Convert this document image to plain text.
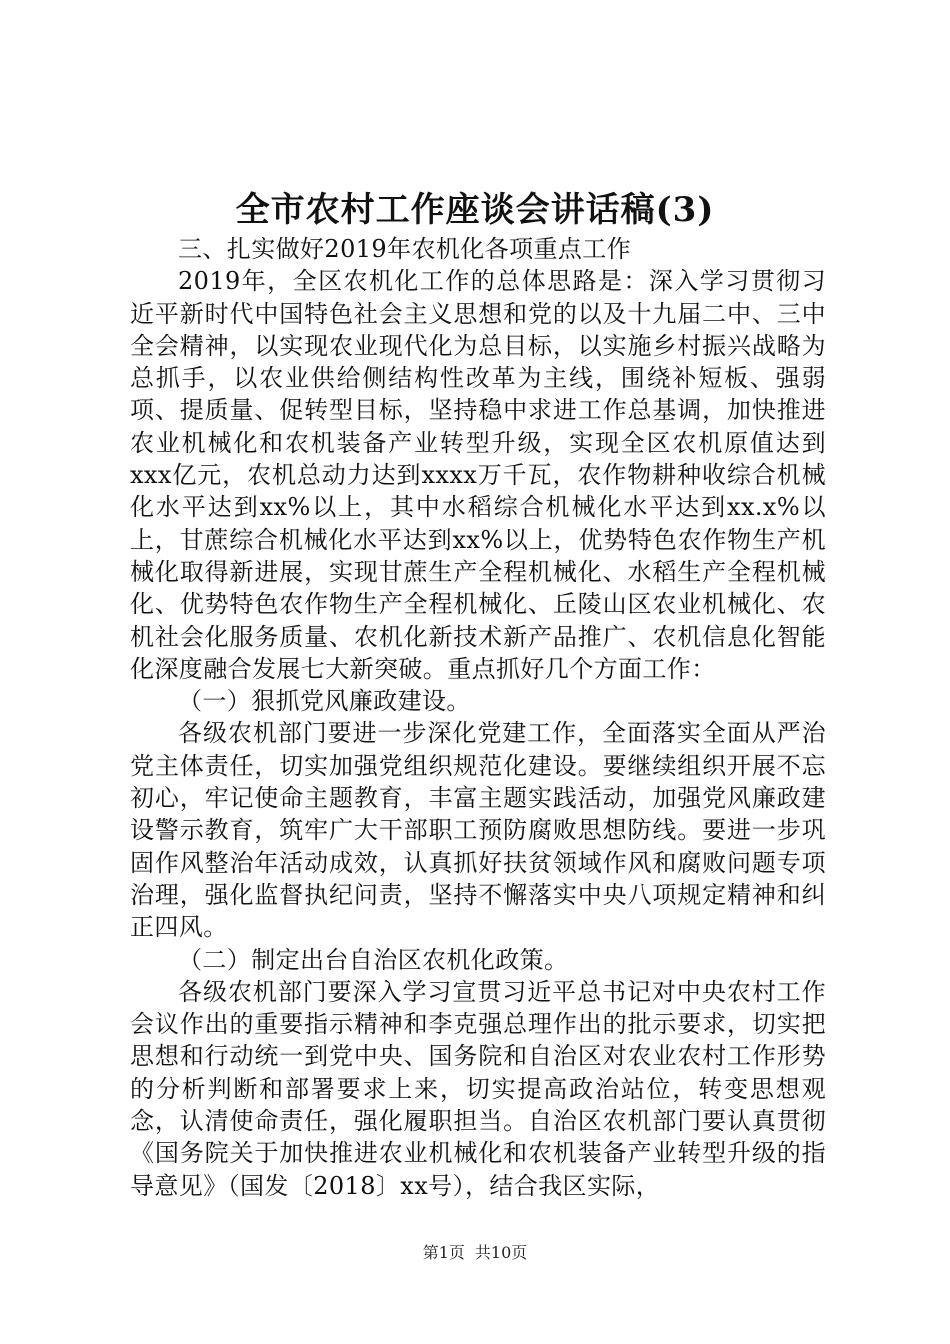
全市农村工作座谈会讲话稿(3)

三、扎实做好2019年农机化各项重点工作

2019年，全区农机化工作的总体思路是：深入学习贯彻习近平新时代中国特色社会主义思想和党的以及十九届二中、三中全会精神，以实现农业现代化为总目标，以实施乡村振兴战略为总抓手，以农业供给侧结构性改革为主线，围绕补短板、强弱项、提质量、促转型目标，坚持稳中求进工作总基调，加快推进农业机械化和农机装备产业转型升级，实现全区农机原值达到xxx亿元，农机总动力达到xxxx万千瓦，农作物耕种收综合机械化水平达到xx%以上，其中水稻综合机械化水平达到xx.x%以上，甘蔗综合机械化水平达到xx%以上，优势特色农作物生产机械化取得新进展，实现甘蔗生产全程机械化、水稻生产全程机械化、优势特色农作物生产全程机械化、丘陵山区农业机械化、农机社会化服务质量、农机化新技术新产品推广、农机信息化智能化深度融合发展七大新突破。重点抓好几个方面工作：

（一）狠抓党风廉政建设。

各级农机部门要进一步深化党建工作，全面落实全面从严治党主体责任，切实加强党组织规范化建设。要继续组织开展不忘初心，牢记使命主题教育，丰富主题实践活动，加强党风廉政建设警示教育，筑牢广大干部职工预防腐败思想防线。要进一步巩固作风整治年活动成效，认真抓好扶贫领域作风和腐败问题专项治理，强化监督执纪问责，坚持不懈落实中央八项规定精神和纠正四风。

（二）制定出台自治区农机化政策。

各级农机部门要深入学习宣贯习近平总书记对中央农村工作会议作出的重要指示精神和李克强总理作出的批示要求，切实把思想和行动统一到党中央、国务院和自治区对农业农村工作形势的分析判断和部署要求上来，切实提高政治站位，转变思想观念，认清使命责任，强化履职担当。自治区农机部门要认真贯彻《国务院关于加快推进农业机械化和农机装备产业转型升级的指导意见》（国发〔2018〕xx号），结合我区实际，

第1页 共10页
